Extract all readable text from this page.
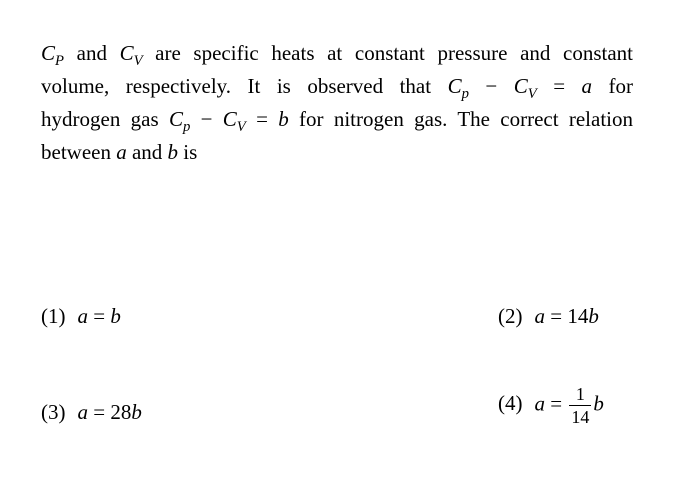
$C_P$ and $C_V$ are specific heats at constant pressure and constant
volume, respectively. It is observed that $C_p - C_V = a$ for
hydrogen gas $C_p - C_V = b$ for nitrogen gas. The correct relation
between a and b is
(1) a = b	(2) a = 14b
(3) a = 28b	(4) $a = \frac{1}{14}$ b
